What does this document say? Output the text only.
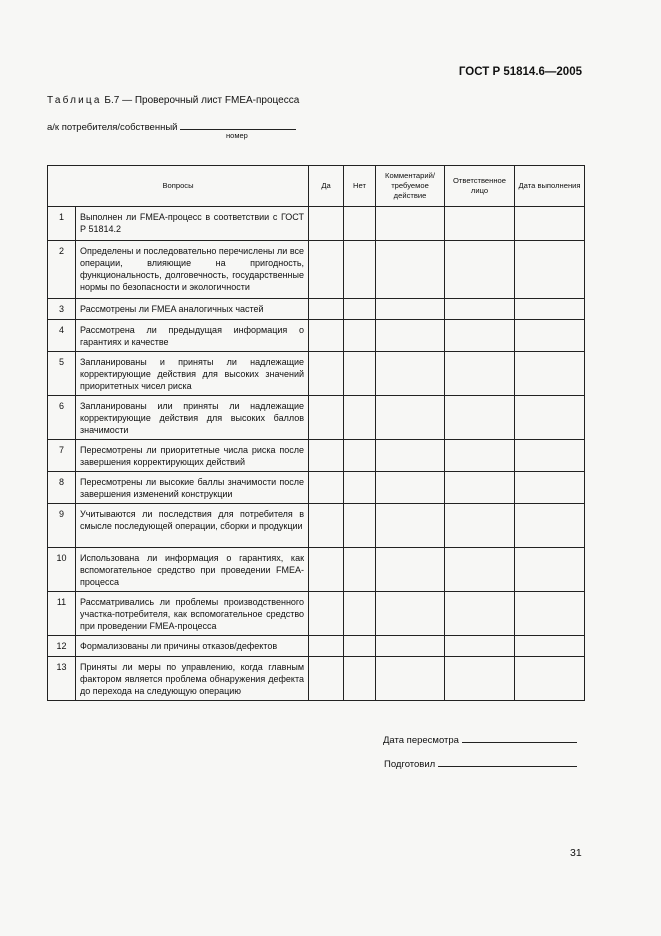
ГОСТ Р 51814.6—2005
Таблица Б.7 — Проверочный лист FMEA-процесса
а/к потребителя/собственный
номер
Вопросы		Да	Нет	Комментарий/ требуемое действие	Ответственное лицо	Дата выполнения
1	Выполнен ли FMEA-процесс в соответствии с ГОСТ Р 51814.2					
2	Определены и последовательно перечислены ли все операции, влияющие на пригодность, функциональность, долговечность, государственные нормы по безопасности и экологичности					
3	Рассмотрены ли FMEA аналогичных частей					
4	Рассмотрена ли предыдущая информация о гарантиях и качестве					
5	Запланированы и приняты ли надлежащие корректирующие действия для высоких значений приоритетных чисел риска					
6	Запланированы или приняты ли надлежащие корректирующие действия для высоких баллов значимости					
7	Пересмотрены ли приоритетные числа риска после завершения корректирующих действий					
8	Пересмотрены ли высокие баллы значимости после завершения изменений конструкции					
9	Учитываются ли последствия для потребителя в смысле последующей операции, сборки и продукции					
10	Использована ли информация о гарантиях, как вспомогательное средство при проведении FMEA-процесса					
11	Рассматривались ли проблемы производственного участка-потребителя, как вспомогательное средство при проведении FMEA-процесса					
12	Формализованы ли причины отказов/дефектов					
13	Приняты ли меры по управлению, когда главным фактором является проблема обнаружения дефекта до перехода на следующую операцию					
Дата пересмотра
Подготовил
31
